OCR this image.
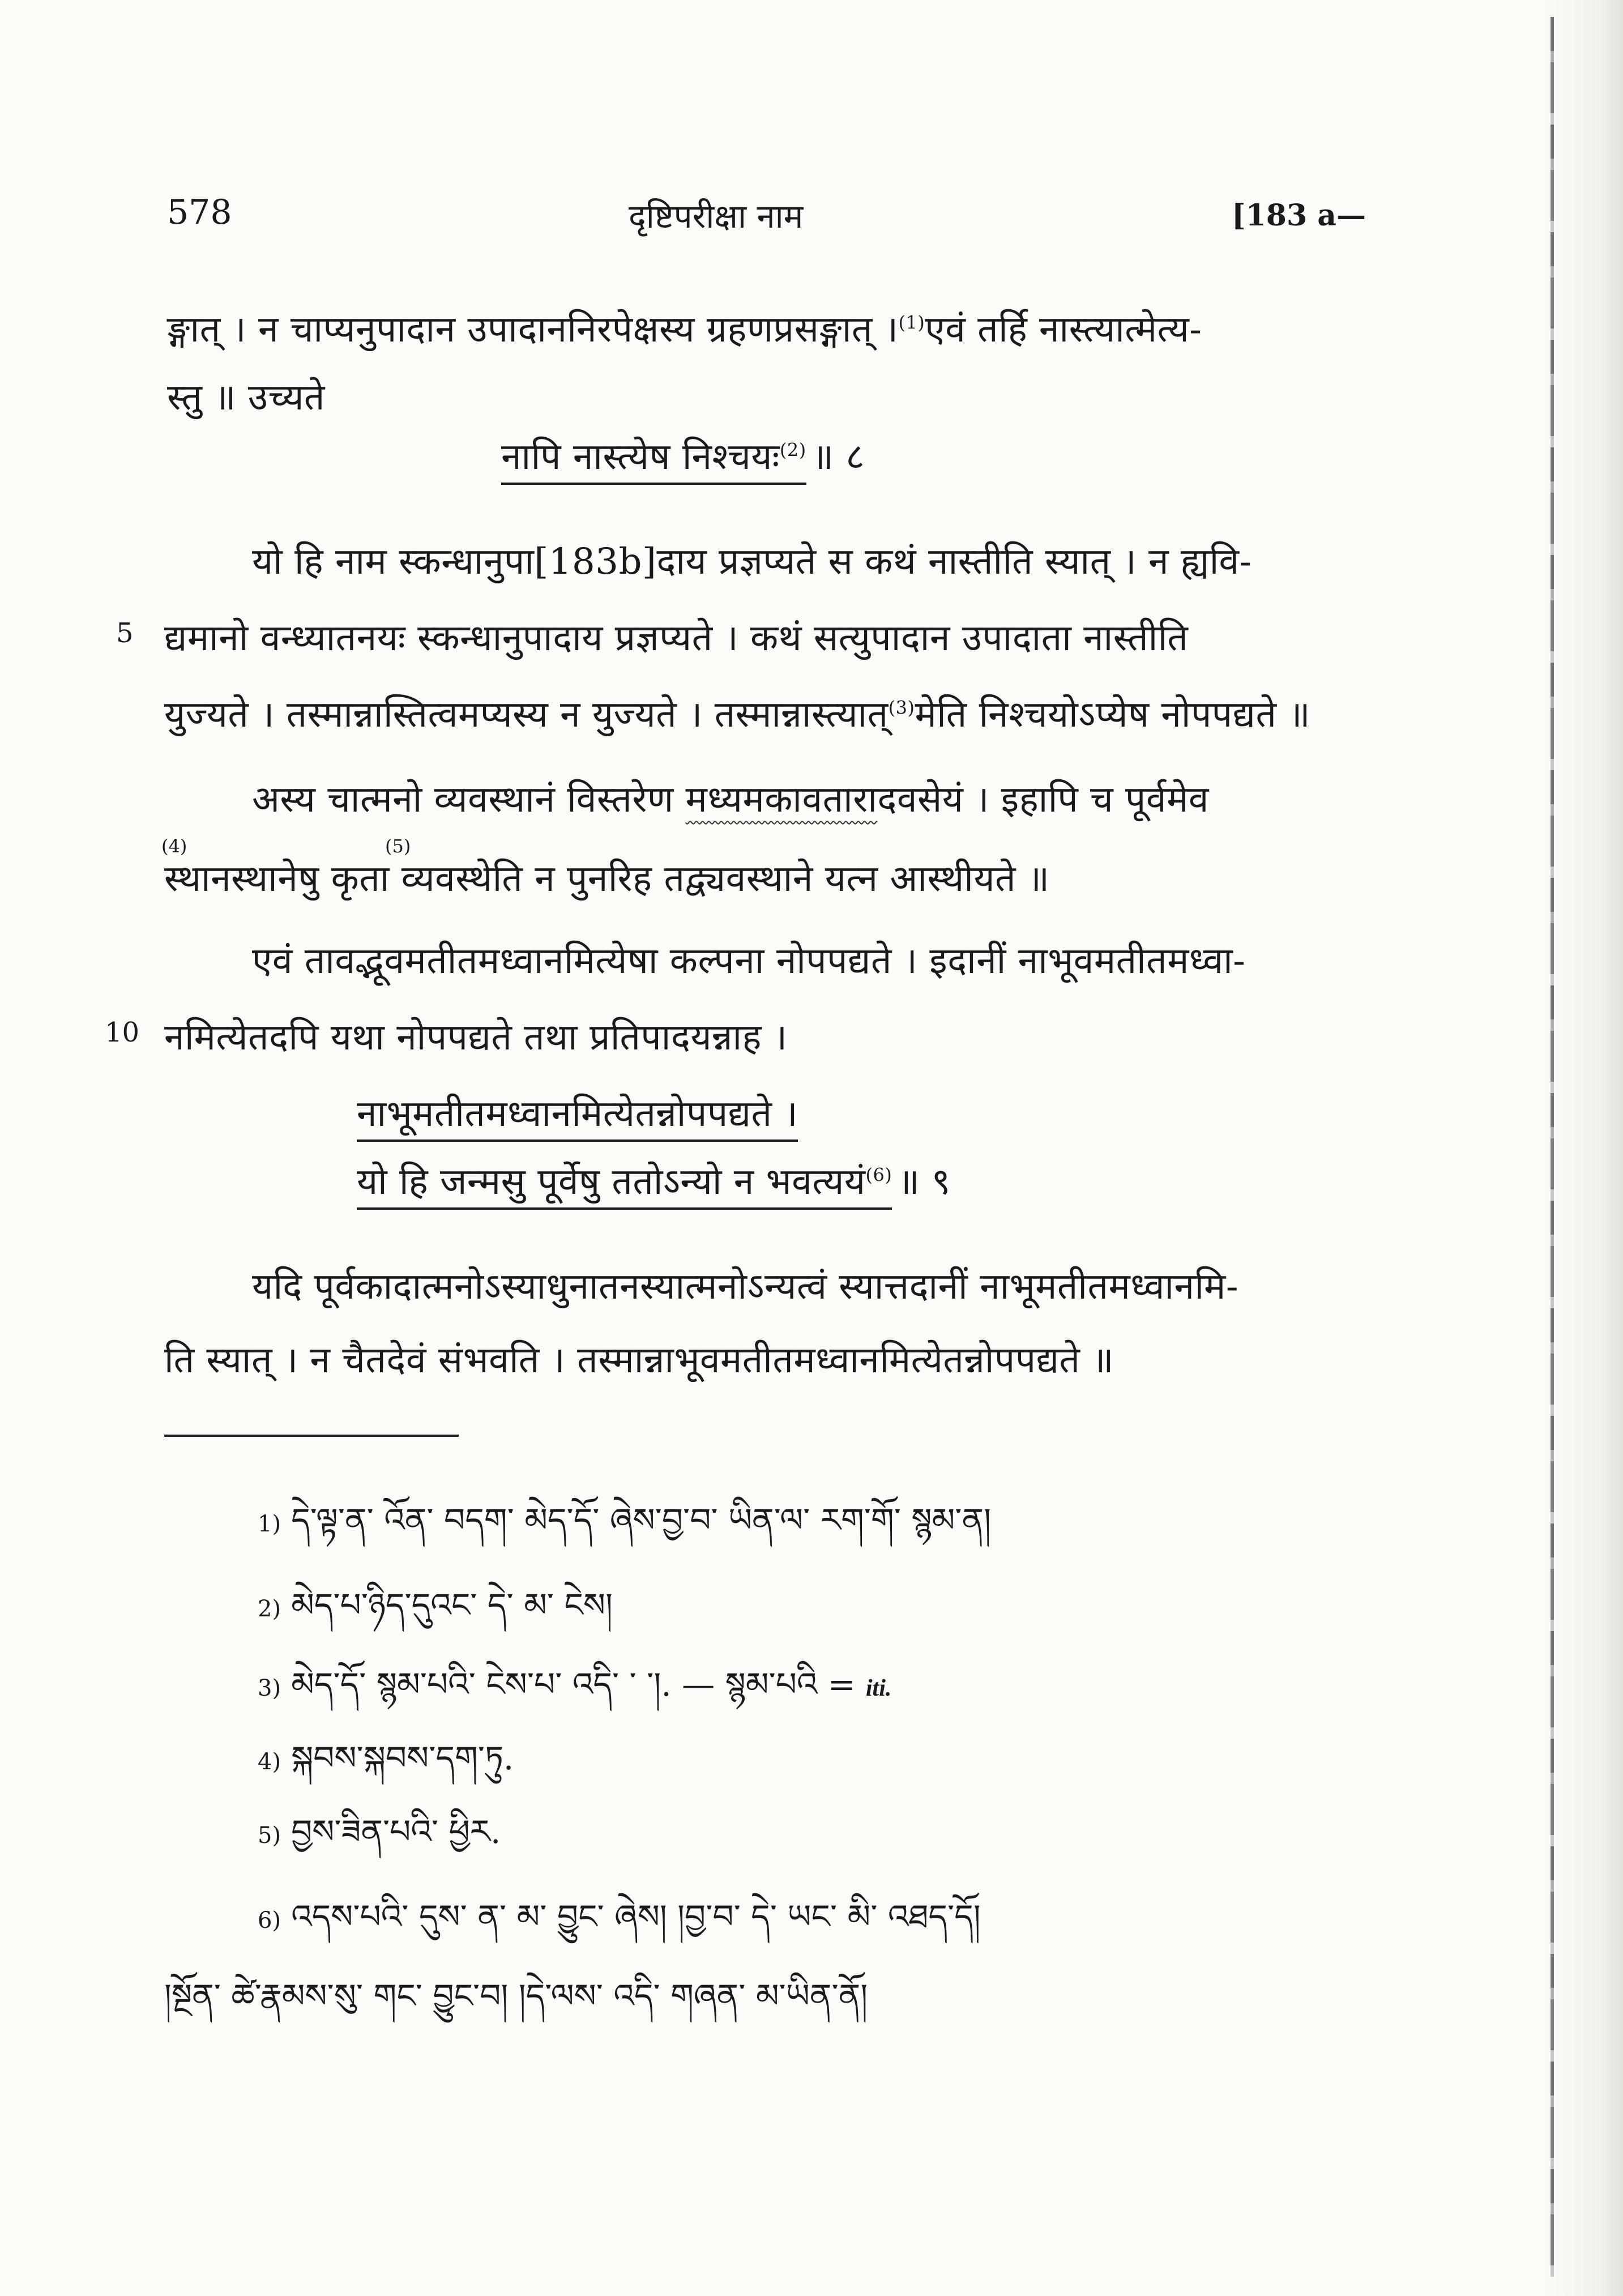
578	दृष्टिपरीक्षा नाम	[183 a—
ङ्गात् । न चाप्यनुपादान उपादाननिरपेक्षस्य ग्रहणप्रसङ्गात् ।$^{(1)}$एवं तर्हि नास्त्यात्मेत्य-
स्तु ॥ उच्यते
नापि नास्त्येष निश्चयः$^{(2)}$ ॥ ८
यो हि नाम स्कन्धानुपा[183b]दाय प्रज्ञप्यते स कथं नास्तीति स्यात् । न ह्यवि-
5 द्यमानो वन्ध्यातनयः स्कन्धानुपादाय प्रज्ञप्यते । कथं सत्युपादान उपादाता नास्तीति
युज्यते । तस्मान्नास्तित्वमप्यस्य न युज्यते । तस्मान्नास्त्यात्$^{(3)}$मेति निश्चयोऽप्येष नोपपद्यते ॥
अस्य चात्मनो व्यवस्थानं विस्तरेण मध्यमकावतारादवसेयं । इहापि च पूर्वमेव
(4)	(5)
स्थानस्थानेषु कृता व्यवस्थेति न पुनरिह तद्व्यवस्थाने यत्न आस्थीयते ॥
एवं तावद्भूवमतीतमध्वानमित्येषा कल्पना नोपपद्यते । इदानीं नाभूवमतीतमध्वा-
10 नमित्येतदपि यथा नोपपद्यते तथा प्रतिपादयन्नाह ।
नाभूमतीतमध्वानमित्येतन्नोपपद्यते ।
यो हि जन्मसु पूर्वेषु ततोऽन्यो न भवत्ययं$^{(6)}$ ॥ ९
यदि पूर्वकादात्मनोऽस्याधुनातनस्यात्मनोऽन्यत्वं स्यात्तदानीं नाभूमतीतमध्वानमि-
ति स्यात् । न चैतदेवं संभवति । तस्मान्नाभूवमतीतमध्वानमित्येतन्नोपपद्यते ॥
1) དེ་ལྟ་ན་ འོན་ བདག་ མེད་དོ་ ཞེས་བྱ་བ་ ཡིན་ལ་ རག་གོ་ སྙམ་ན།
2) མེད་པ་ཉིད་དུའང་ དེ་ མ་ ངེས།
3) མེད་དོ་ སྙམ་པའི་ ངེས་པ་ འདི་ ་ ་།. — སྙམ་པའི = iti.
4) སྐབས་སྐབས་དག་ཏུ.
5) བྱས་ཟིན་པའི་ ཕྱིར.
6) འདས་པའི་ དུས་ ན་ མ་ བྱུང་ ཞེས། །བྱ་བ་ དེ་ ཡང་ མི་ འཐད་དོ།
།སྔོན་ ཚེ་རྣམས་སུ་ གང་ བྱུང་བ། །དེ་ལས་ འདི་ གཞན་ མ་ཡིན་ནོ།
